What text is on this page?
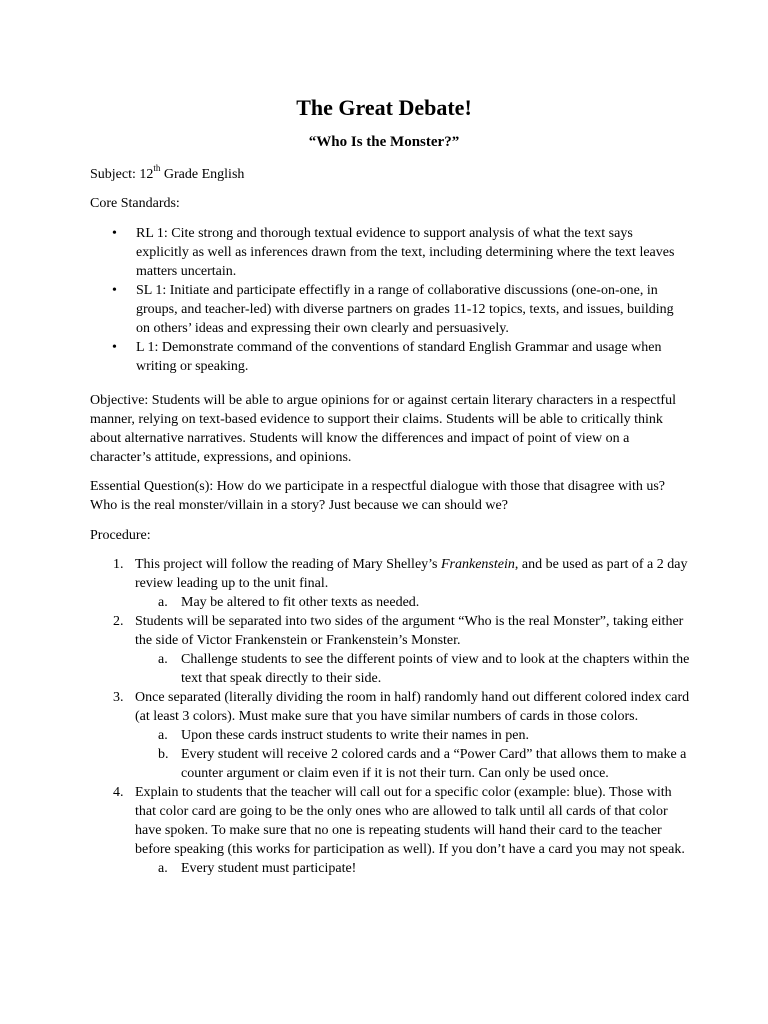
The Great Debate!
“Who Is the Monster?”

Subject: 12th Grade English

Core Standards:

• RL 1: Cite strong and thorough textual evidence to support analysis of what the text says explicitly as well as inferences drawn from the text, including determining where the text leaves matters uncertain.
• SL 1: Initiate and participate effectifly in a range of collaborative discussions (one-on-one, in groups, and teacher-led) with diverse partners on grades 11-12 topics, texts, and issues, building on others’ ideas and expressing their own clearly and persuasively.
• L 1: Demonstrate command of the conventions of standard English Grammar and usage when writing or speaking.

Objective: Students will be able to argue opinions for or against certain literary characters in a respectful manner, relying on text-based evidence to support their claims. Students will be able to critically think about alternative narratives. Students will know the differences and impact of point of view on a character’s attitude, expressions, and opinions.

Essential Question(s): How do we participate in a respectful dialogue with those that disagree with us? Who is the real monster/villain in a story? Just because we can should we?

Procedure:

1. This project will follow the reading of Mary Shelley’s Frankenstein, and be used as part of a 2 day review leading up to the unit final.
a. May be altered to fit other texts as needed.
2. Students will be separated into two sides of the argument “Who is the real Monster”, taking either the side of Victor Frankenstein or Frankenstein’s Monster.
a. Challenge students to see the different points of view and to look at the chapters within the text that speak directly to their side.
3. Once separated (literally dividing the room in half) randomly hand out different colored index card (at least 3 colors). Must make sure that you have similar numbers of cards in those colors.
a. Upon these cards instruct students to write their names in pen.
b. Every student will receive 2 colored cards and a “Power Card” that allows them to make a counter argument or claim even if it is not their turn. Can only be used once.
4. Explain to students that the teacher will call out for a specific color (example: blue). Those with that color card are going to be the only ones who are allowed to talk until all cards of that color have spoken. To make sure that no one is repeating students will hand their card to the teacher before speaking (this works for participation as well). If you don’t have a card you may not speak.
a. Every student must participate!
